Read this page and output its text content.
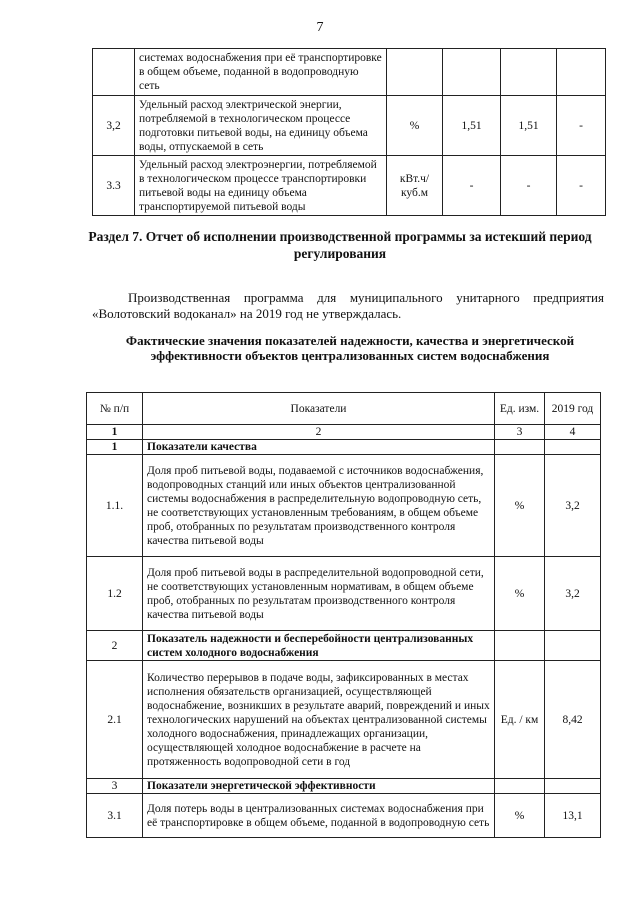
7
	системах водоснабжения при её транспортировке в общем объеме, поданной в водопроводную сеть				
3,2	Удельный расход электрической энергии, потребляемой в технологическом процессе подготовки питьевой воды, на единицу объема воды, отпускаемой в сеть	%	1,51	1,51	-
3.3	Удельный расход электроэнергии, потребляемой в технологическом процессе транспортировки питьевой воды на единицу объема транспортируемой питьевой воды	кВт.ч/ куб.м	-	-	-
Раздел 7. Отчет об исполнении производственной программы за истекший период регулирования
Производственная программа для муниципального унитарного предприятия «Волотовский водоканал» на 2019 год не утверждалась.
Фактические значения показателей надежности, качества и энергетической эффективности объектов централизованных систем водоснабжения
№ п/п	Показатели	Ед. изм.	2019 год
1	2	3	4
1	Показатели качества		
1.1.	Доля проб питьевой воды, подаваемой с источников водоснабжения, водопроводных станций или иных объектов централизованной системы водоснабжения в распределительную водопроводную сеть, не соответствующих установленным требованиям, в общем объеме проб, отобранных по результатам производственного контроля качества питьевой воды	%	3,2
1.2	Доля проб питьевой воды в распределительной водопроводной сети, не соответствующих установленным нормативам, в общем объеме проб, отобранных по результатам производственного контроля качества питьевой воды	%	3,2
2	Показатель надежности и бесперебойности централизованных систем холодного водоснабжения		
2.1	Количество перерывов в подаче воды, зафиксированных в местах исполнения обязательств организацией, осуществляющей водоснабжение, возникших в результате аварий, повреждений и иных технологических нарушений на объектах централизованной системы холодного водоснабжения, принадлежащих организации, осуществляющей холодное водоснабжение в расчете на протяженность водопроводной сети в год	Ед. / км	8,42
3	Показатели энергетической эффективности		
3.1	Доля потерь воды в централизованных системах водоснабжения при её транспортировке в общем объеме, поданной в водопроводную сеть	%	13,1
